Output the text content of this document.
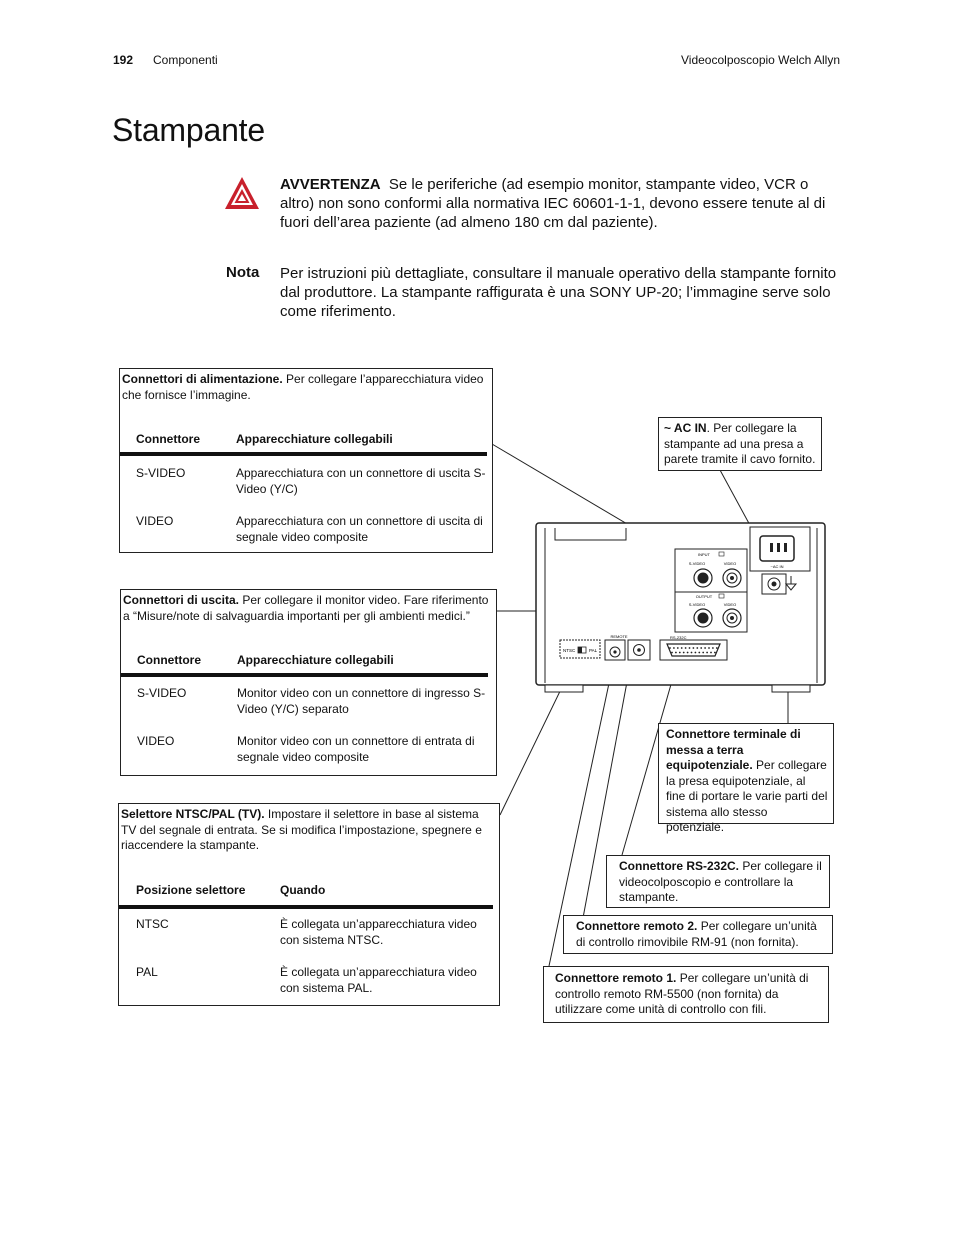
192 Componenti	Videocolposcopio Welch Allyn
Stampante
AVVERTENZA Se le periferiche (ad esempio monitor, stampante video, VCR o altro) non sono conformi alla normativa IEC 60601-1-1, devono essere tenute al di fuori dell’area paziente (ad almeno 180 cm dal paziente).
Nota Per istruzioni più dettagliate, consultare il manuale operativo della stampante fornito dal produttore. La stampante raffigurata è una SONY UP-20; l’immagine serve solo come riferimento.
~AC IN
INPUT
S-VIDEO	VIDEO
OUTPUT
S-VIDEO	VIDEO
NTSC	PAL
REMOTE	RS-232C
Connettori di alimentazione. Per collegare l’apparecchiatura video che fornisce l’immagine.
Connettore	Apparecchiature collegabili
S-VIDEO	Apparecchiatura con un connettore di uscita S-Video (Y/C)
VIDEO	Apparecchiatura con un connettore di uscita di segnale video composite
Connettori di uscita. Per collegare il monitor video. Fare riferimento a “Misure/note di salvaguardia importanti per gli ambienti medici.”
Connettore	Apparecchiature collegabili
S-VIDEO	Monitor video con un connettore di ingresso S-Video (Y/C) separato
VIDEO	Monitor video con un connettore di entrata di segnale video composite
Selettore NTSC/PAL (TV). Impostare il selettore in base al sistema TV del segnale di entrata. Se si modifica l’impostazione, spegnere e riaccendere la stampante.
Posizione selettore	Quando
NTSC	È collegata un’apparecchiatura video con sistema NTSC.
PAL	È collegata un’apparecchiatura video con sistema PAL.
~ AC IN. Per collegare la stampante ad una presa a parete tramite il cavo fornito.
Connettore terminale di messa a terra equipotenziale. Per collegare la presa equipotenziale, al fine di portare le varie parti del sistema allo stesso potenziale.
Connettore RS-232C. Per collegare il videocolposcopio e controllare la stampante.
Connettore remoto 2. Per collegare un’unità di controllo rimovibile RM-91 (non fornita).
Connettore remoto 1. Per collegare un’unità di controllo remoto RM-5500 (non fornita) da utilizzare come unità di controllo con fili.
